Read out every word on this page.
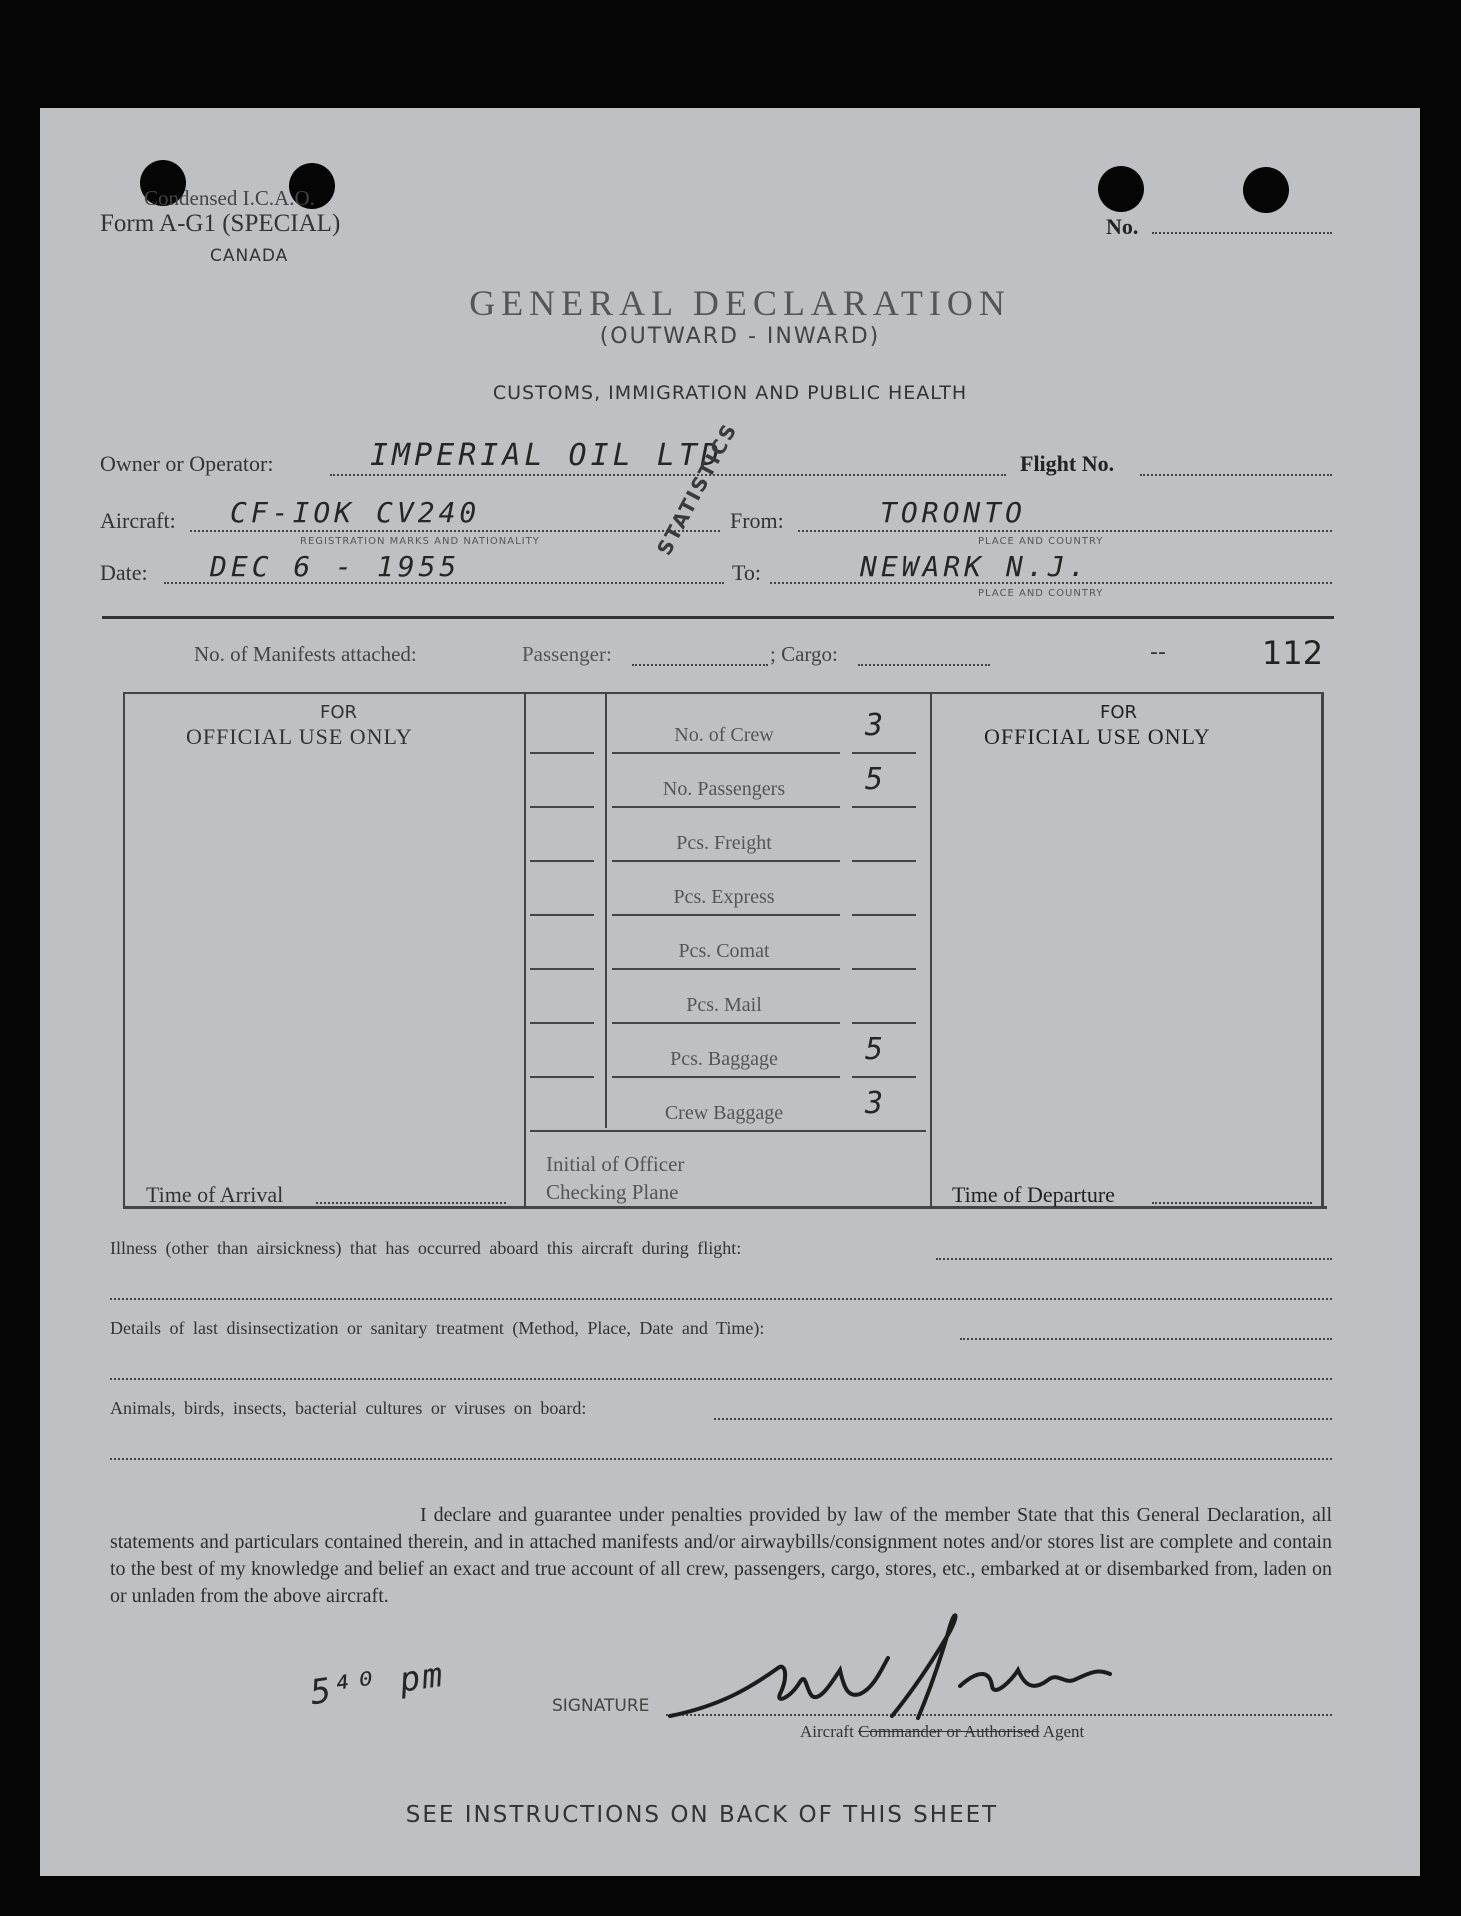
Condensed I.C.A.O.
Form A-G1 (SPECIAL)
CANADA
No.
GENERAL DECLARATION
(OUTWARD - INWARD)
CUSTOMS, IMMIGRATION AND PUBLIC HEALTH
Owner or Operator:	IMPERIAL OIL LTD	Flight No.
Aircraft: CF-IOK CV240
REGISTRATION MARKS AND NATIONALITY
From:	TORONTO
PLACE AND COUNTRY
Date: DEC 6 - 1955	To:	NEWARK N.J.
PLACE AND COUNTRY
STATISTICS
No. of Manifests attached:	Passenger:	; Cargo:	--	112
FOR
OFFICIAL USE ONLY
FOR
OFFICIAL USE ONLY
No. of Crew	3
No. Passengers	5
Pcs. Freight
Pcs. Express
Pcs. Comat
Pcs. Mail
Pcs. Baggage	5
Crew Baggage	3
Initial of Officer
Checking Plane
Time of Arrival	Time of Departure
Illness (other than airsickness) that has occurred aboard this aircraft during flight:
Details of last disinsectization or sanitary treatment (Method, Place, Date and Time):
Animals, birds, insects, bacterial cultures or viruses on board:
I declare and guarantee under penalties provided by law of the member State that this General Declaration, all statements and particulars contained therein, and in attached manifests and/or airwaybills/consignment notes and/or stores list are complete and contain to the best of my knowledge and belief an exact and true account of all crew, passengers, cargo, stores, etc., embarked at or disembarked from, laden on or unladen from the above aircraft.
5⁴⁰ pm	SIGNATURE
Aircraft Commander or Authorised Agent
SEE INSTRUCTIONS ON BACK OF THIS SHEET
